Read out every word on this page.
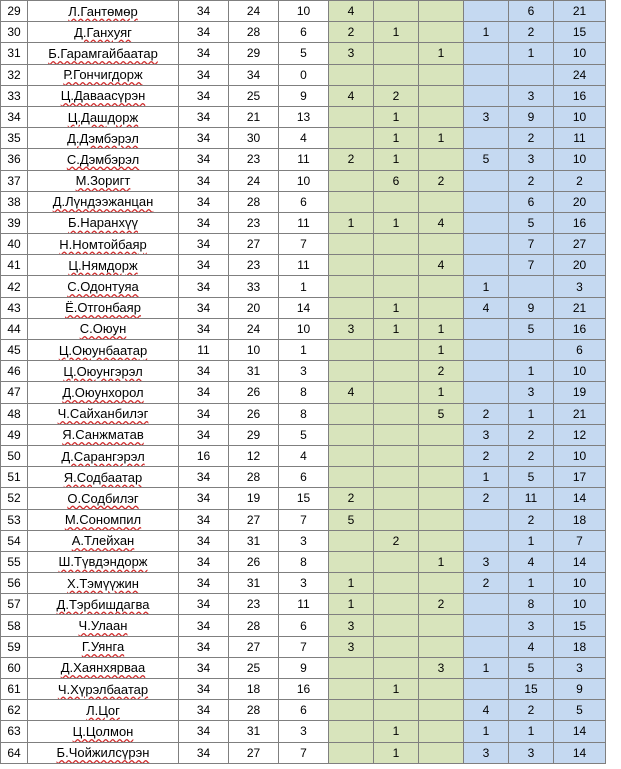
29	Л.Гантөмөр	34	24	10	4				6	21
30	Д.Ганхуяг	34	28	6	2	1		1	2	15
31	Б.Гарамгайбаатар	34	29	5	3		1		1	10
32	Р.Гончигдорж	34	34	0						24
33	Ц.Даваасүрэн	34	25	9	4	2			3	16
34	Ц.Дашдорж	34	21	13		1		3	9	10
35	Д.Дэмбэрэл	34	30	4		1	1		2	11
36	С.Дэмбэрэл	34	23	11	2	1		5	3	10
37	М.Зоригт	34	24	10		6	2		2	2
38	Д.Лүндээжанцан	34	28	6					6	20
39	Б.Наранхүү	34	23	11	1	1	4		5	16
40	Н.Номтойбаяр	34	27	7					7	27
41	Ц.Нямдорж	34	23	11			4		7	20
42	С.Одонтуяа	34	33	1				1		3
43	Ё.Отгонбаяр	34	20	14		1		4	9	21
44	С.Оюун	34	24	10	3	1	1		5	16
45	Ц.Оюунбаатар	11	10	1			1			6
46	Ц.Оюунгэрэл	34	31	3			2		1	10
47	Д.Оюунхорол	34	26	8	4		1		3	19
48	Ч.Сайханбилэг	34	26	8			5	2	1	21
49	Я.Санжматав	34	29	5				3	2	12
50	Д.Сарангэрэл	16	12	4				2	2	10
51	Я.Содбаатар	34	28	6				1	5	17
52	О.Содбилэг	34	19	15	2			2	11	14
53	М.Сономпил	34	27	7	5				2	18
54	А.Тлейхан	34	31	3		2			1	7
55	Ш.Түвдэндорж	34	26	8			1	3	4	14
56	Х.Тэмүүжин	34	31	3	1			2	1	10
57	Д.Тэрбишдагва	34	23	11	1		2		8	10
58	Ч.Улаан	34	28	6	3				3	15
59	Г.Уянга	34	27	7	3				4	18
60	Д.Хаянхярваа	34	25	9			3	1	5	3
61	Ч.Хүрэлбаатар	34	18	16		1			15	9
62	Л.Цог	34	28	6				4	2	5
63	Ц.Цолмон	34	31	3		1		1	1	14
64	Б.Чойжилсүрэн	34	27	7		1		3	3	14
